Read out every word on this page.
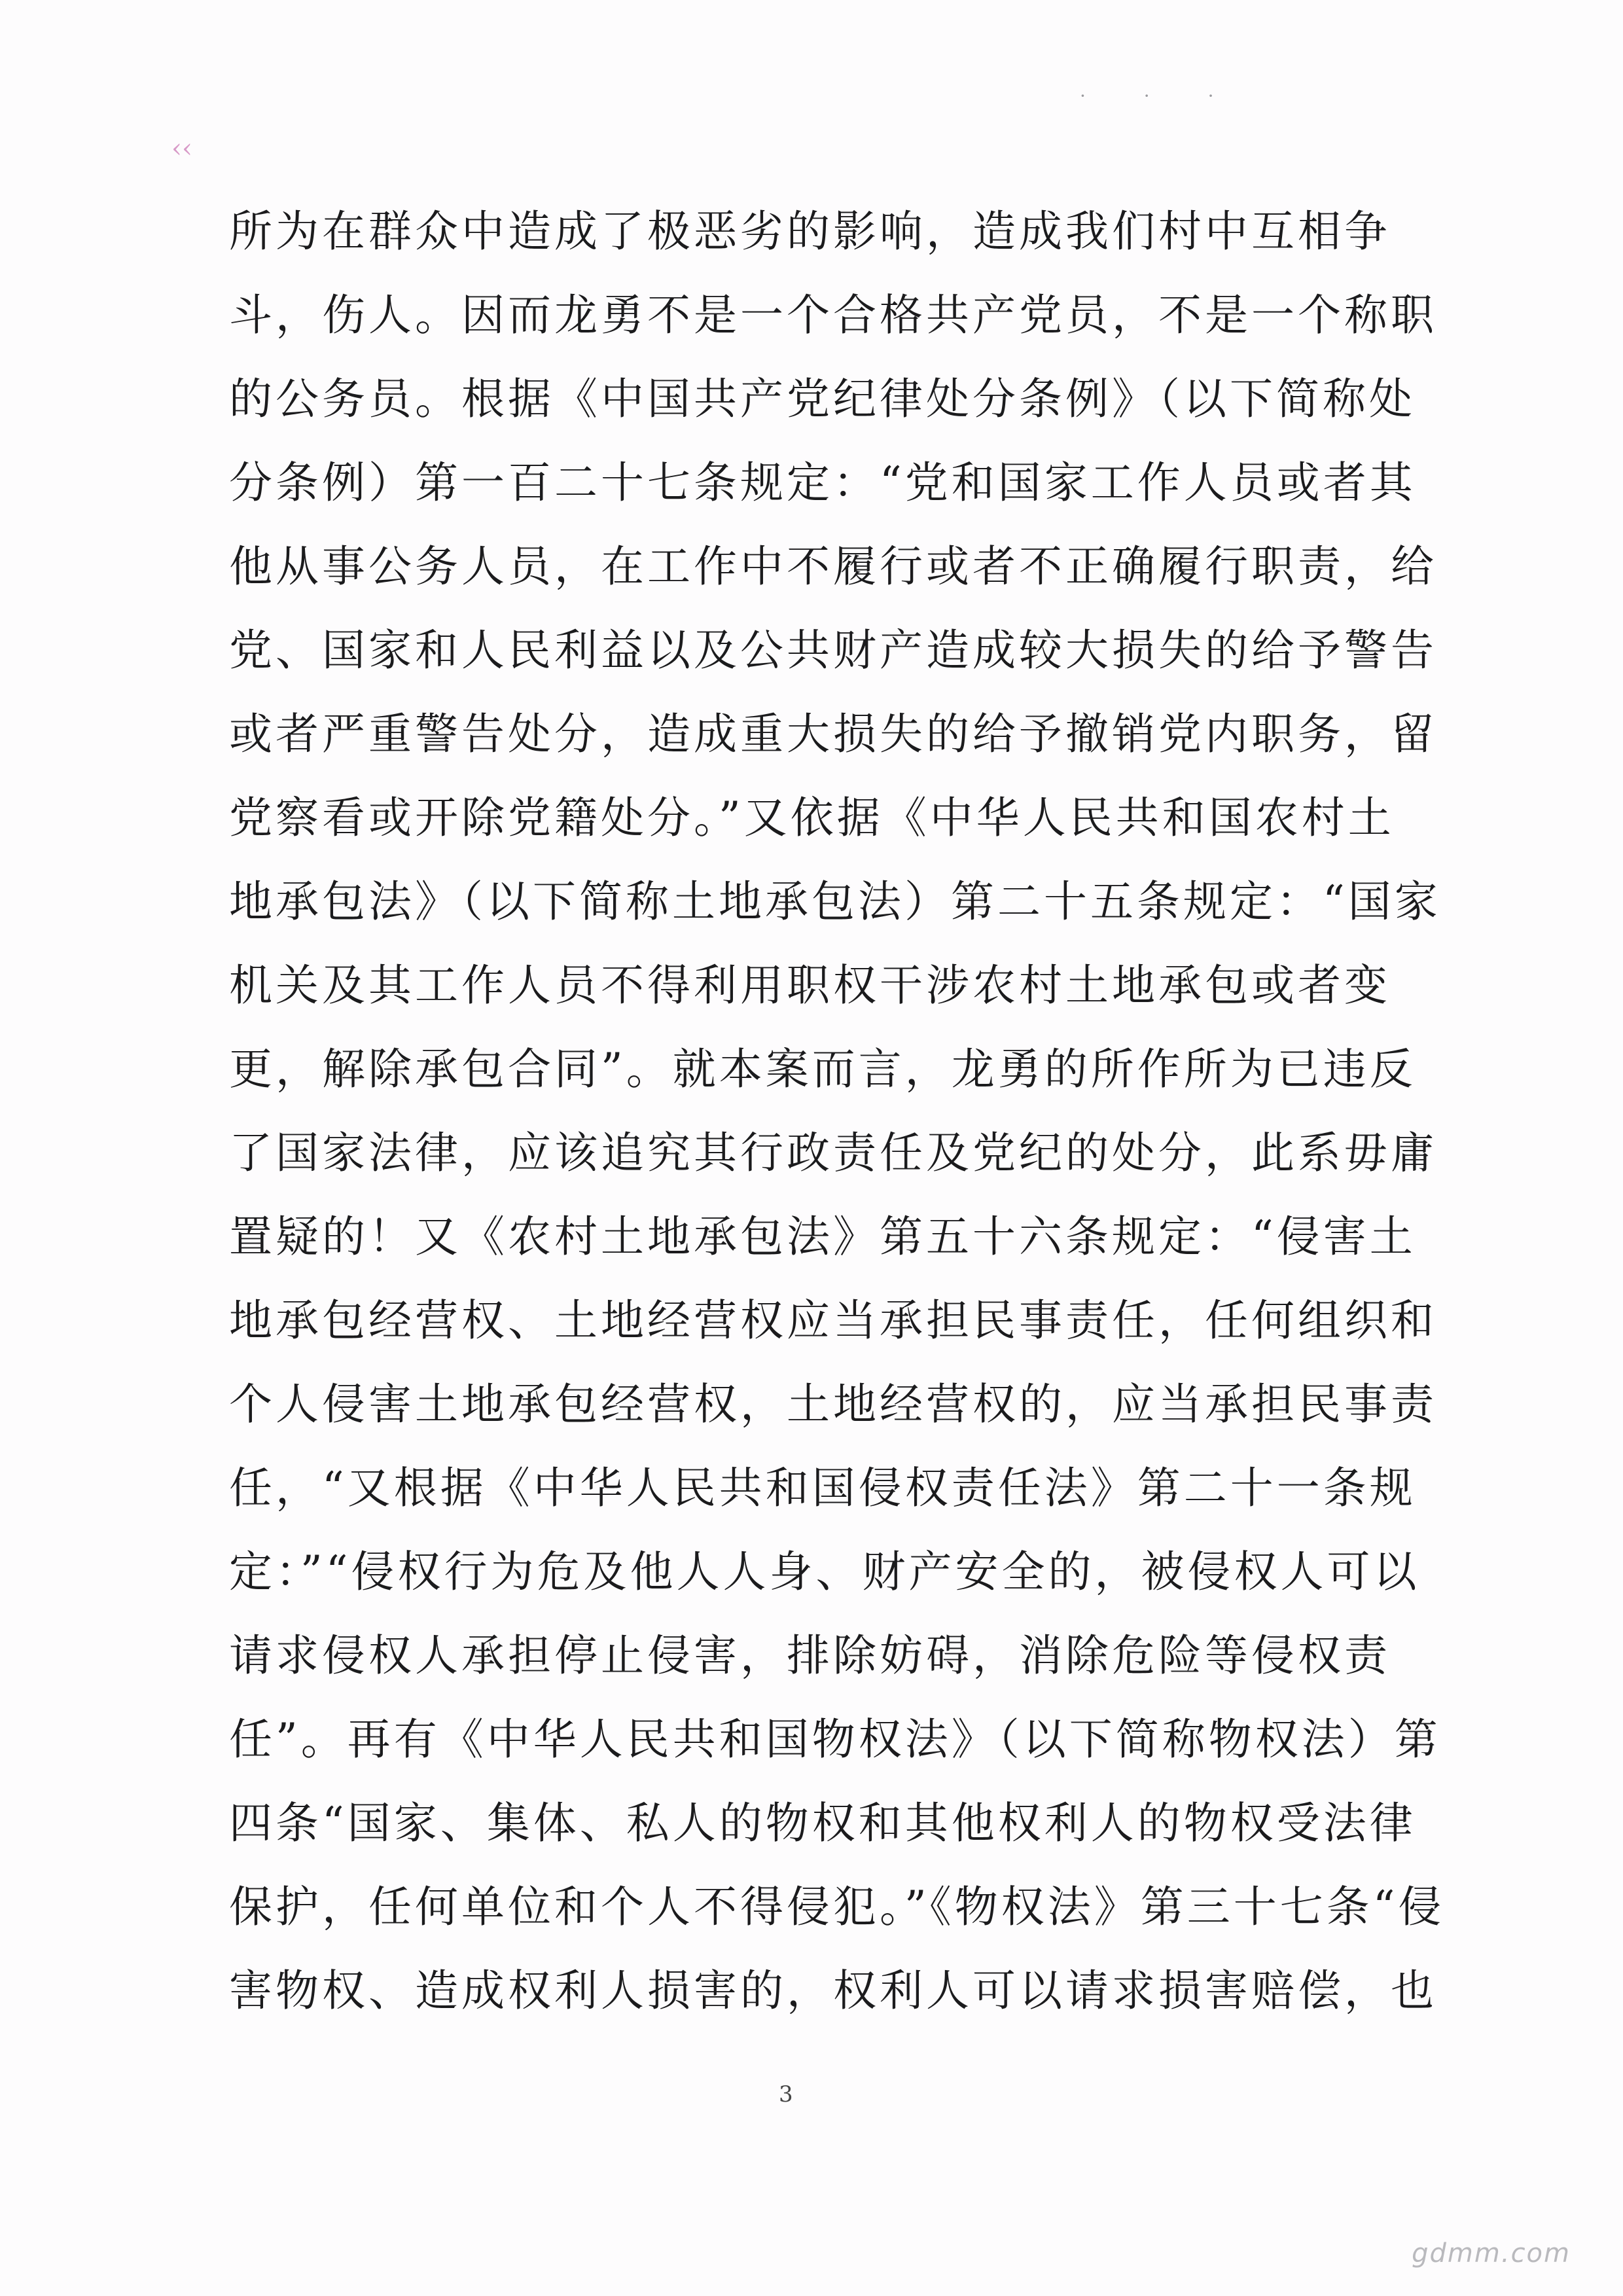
‹‹
· · ·
所为在群众中造成了极恶劣的影响，造成我们村中互相争
斗，伤人。因而龙勇不是一个合格共产党员，不是一个称职
的公务员。根据《中国共产党纪律处分条例》（以下简称处
分条例）第一百二十七条规定：“党和国家工作人员或者其
他从事公务人员，在工作中不履行或者不正确履行职责，给
党、国家和人民利益以及公共财产造成较大损失的给予警告
或者严重警告处分，造成重大损失的给予撤销党内职务，留
党察看或开除党籍处分。”又依据《中华人民共和国农村土
地承包法》（以下简称土地承包法）第二十五条规定：“国家
机关及其工作人员不得利用职权干涉农村土地承包或者变
更，解除承包合同”。就本案而言，龙勇的所作所为已违反
了国家法律，应该追究其行政责任及党纪的处分，此系毋庸
置疑的！又《农村土地承包法》第五十六条规定：“侵害土
地承包经营权、土地经营权应当承担民事责任，任何组织和
个人侵害土地承包经营权，土地经营权的，应当承担民事责
任，“又根据《中华人民共和国侵权责任法》第二十一条规
定：”“侵权行为危及他人人身、财产安全的，被侵权人可以
请求侵权人承担停止侵害，排除妨碍，消除危险等侵权责
任”。再有《中华人民共和国物权法》（以下简称物权法）第
四条“国家、集体、私人的物权和其他权利人的物权受法律
保护，任何单位和个人不得侵犯。”《物权法》第三十七条“侵
害物权、造成权利人损害的，权利人可以请求损害赔偿，也
3
gdmm.com
